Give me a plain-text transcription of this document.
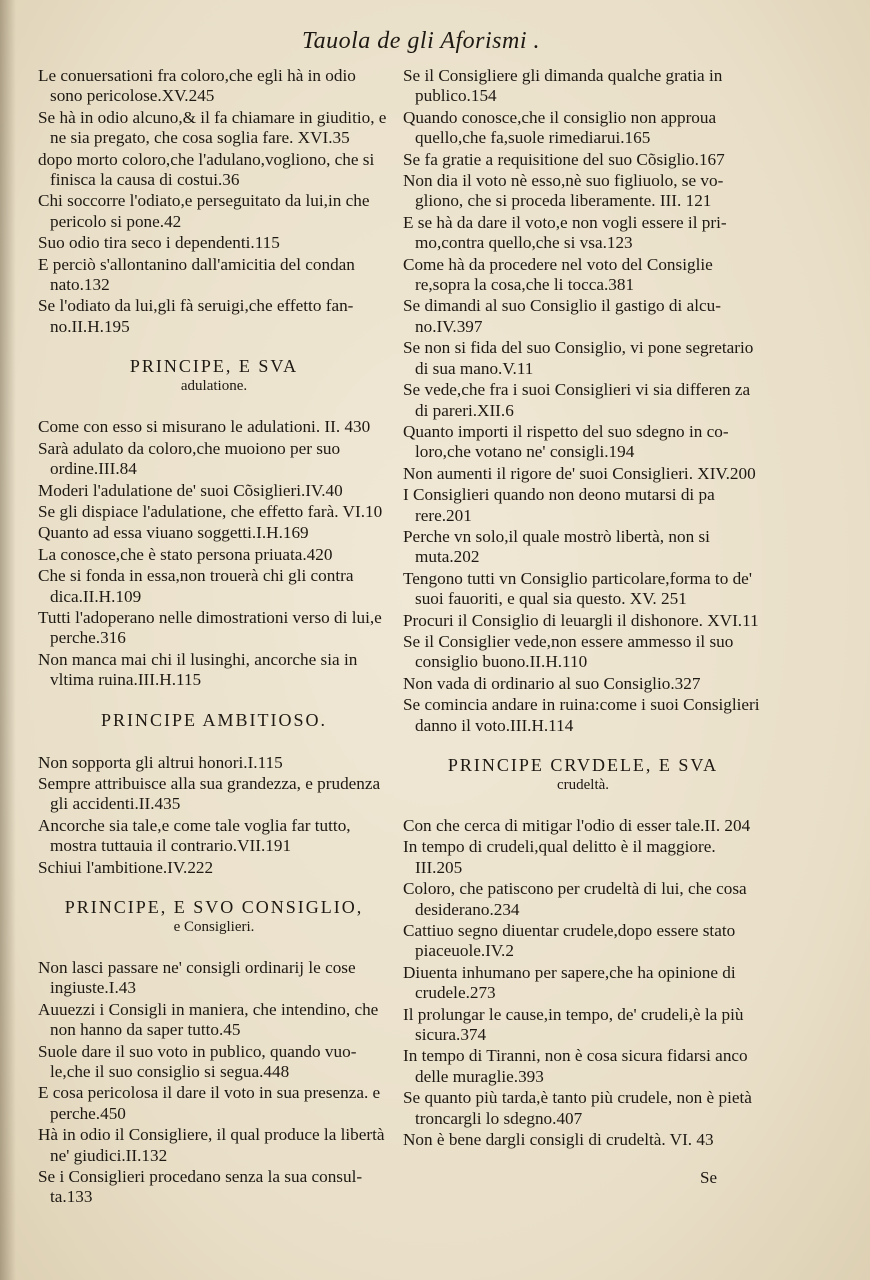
Tauola de gli Aforismi .
Le conuersationi fra coloro,che egli hà in odio sono pericolose.XV.245
Se hà in odio alcuno,& il fa chiamare in giuditio, e ne sia pregato, che cosa soglia fare. XVI.35
dopo morto coloro,che l'adulano,vogliono, che si finisca la causa di costui.36
Chi soccorre l'odiato,e perseguitato da lui,in che pericolo si pone.42
Suo odio tira seco i dependenti.115
E perciò s'allontanino dall'amicitia del condan nato.132
Se l'odiato da lui,gli fà seruigi,che effetto fanno.II.H.195
PRINCIPE, E SVA
adulatione.
Come con esso si misurano le adulationi. II. 430
Sarà adulato da coloro,che muoiono per suo ordine.III.84
Moderi l'adulatione de' suoi Cõsiglieri.IV.40
Se gli dispiace l'adulatione, che effetto farà. VI.10
Quanto ad essa viuano soggetti.I.H.169
La conosce,che è stato persona priuata.420
Che si fonda in essa,non trouerà chi gli contra dica.II.H.109
Tutti l'adoperano nelle dimostrationi verso di lui,e perche.316
Non manca mai chi il lusinghi, ancorche sia in vltima ruina.III.H.115
PRINCIPE AMBITIOSO.
Non sopporta gli altrui honori.I.115
Sempre attribuisce alla sua grandezza, e prudenza gli accidenti.II.435
Ancorche sia tale,e come tale voglia far tutto, mostra tuttauia il contrario.VII.191
Schiui l'ambitione.IV.222
PRINCIPE, E SVO CONSIGLIO,
e Consiglieri.
Non lasci passare ne' consigli ordinarij le cose ingiuste.I.43
Auuezzi i Consigli in maniera, che intendino, che non hanno da saper tutto.45
Suole dare il suo voto in publico, quando vuole,che il suo consiglio si segua.448
E cosa pericolosa il dare il voto in sua presenza. e perche.450
Hà in odio il Consigliere, il qual produce la libertà ne' giudici.II.132
Se i Consiglieri procedano senza la sua consulta.133
Se il Consigliere gli dimanda qualche gratia in publico.154
Quando conosce,che il consiglio non approua quello,che fa,suole rimediarui.165
Se fa gratie a requisitione del suo Cõsiglio.167
Non dia il voto nè esso,nè suo figliuolo, se vogliono, che si proceda liberamente. III. 121
E se hà da dare il voto,e non vogli essere il primo,contra quello,che si vsa.123
Come hà da procedere nel voto del Consiglie re,sopra la cosa,che li tocca.381
Se dimandi al suo Consiglio il gastigo di alcuno.IV.397
Se non si fida del suo Consiglio, vi pone segretario di sua mano.V.11
Se vede,che fra i suoi Consiglieri vi sia differen za di pareri.XII.6
Quanto importi il rispetto del suo sdegno in coloro,che votano ne' consigli.194
Non aumenti il rigore de' suoi Consiglieri. XIV.200
I Consiglieri quando non deono mutarsi di pa rere.201
Perche vn solo,il quale mostrò libertà, non si muta.202
Tengono tutti vn Consiglio particolare,forma to de' suoi fauoriti, e qual sia questo. XV. 251
Procuri il Consiglio di leuargli il dishonore. XVI.11
Se il Consiglier vede,non essere ammesso il suo consiglio buono.II.H.110
Non vada di ordinario al suo Consiglio.327
Se comincia andare in ruina:come i suoi Consiglieri danno il voto.III.H.114
PRINCIPE CRVDELE, E SVA
crudeltà.
Con che cerca di mitigar l'odio di esser tale.II. 204
In tempo di crudeli,qual delitto è il maggiore. III.205
Coloro, che patiscono per crudeltà di lui, che cosa desiderano.234
Cattiuo segno diuentar crudele,dopo essere stato piaceuole.IV.2
Diuenta inhumano per sapere,che ha opinione di crudele.273
Il prolungar le cause,in tempo, de' crudeli,è la più sicura.374
In tempo di Tiranni, non è cosa sicura fidarsi anco delle muraglie.393
Se quanto più tarda,è tanto più crudele, non è pietà troncargli lo sdegno.407
Non è bene dargli consigli di crudeltà. VI. 43
Se
